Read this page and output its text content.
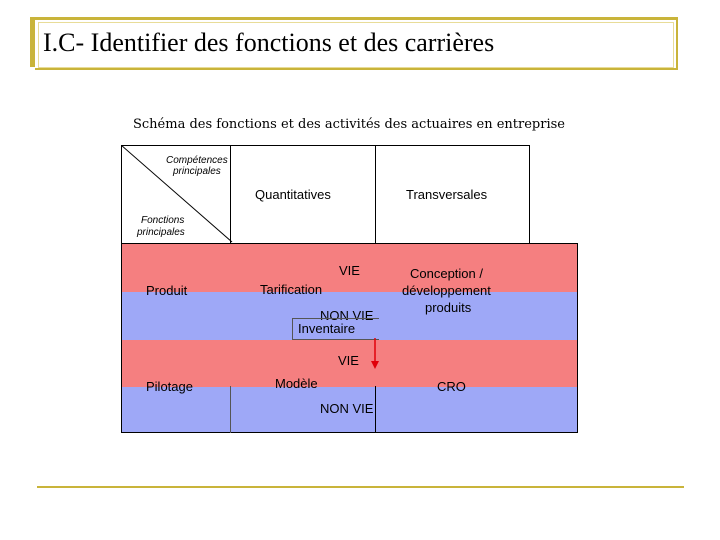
I.C- Identifier des fonctions et des carrières
Schéma des fonctions et des activités des actuaires en entreprise
Compétences
principales
Fonctions
principales
Quantitatives	Transversales
Produit
VIE
Tarification
NON VIE
Inventaire
Conception /
développement
produits
Pilotage
VIE
Modèle
NON VIE
CRO
